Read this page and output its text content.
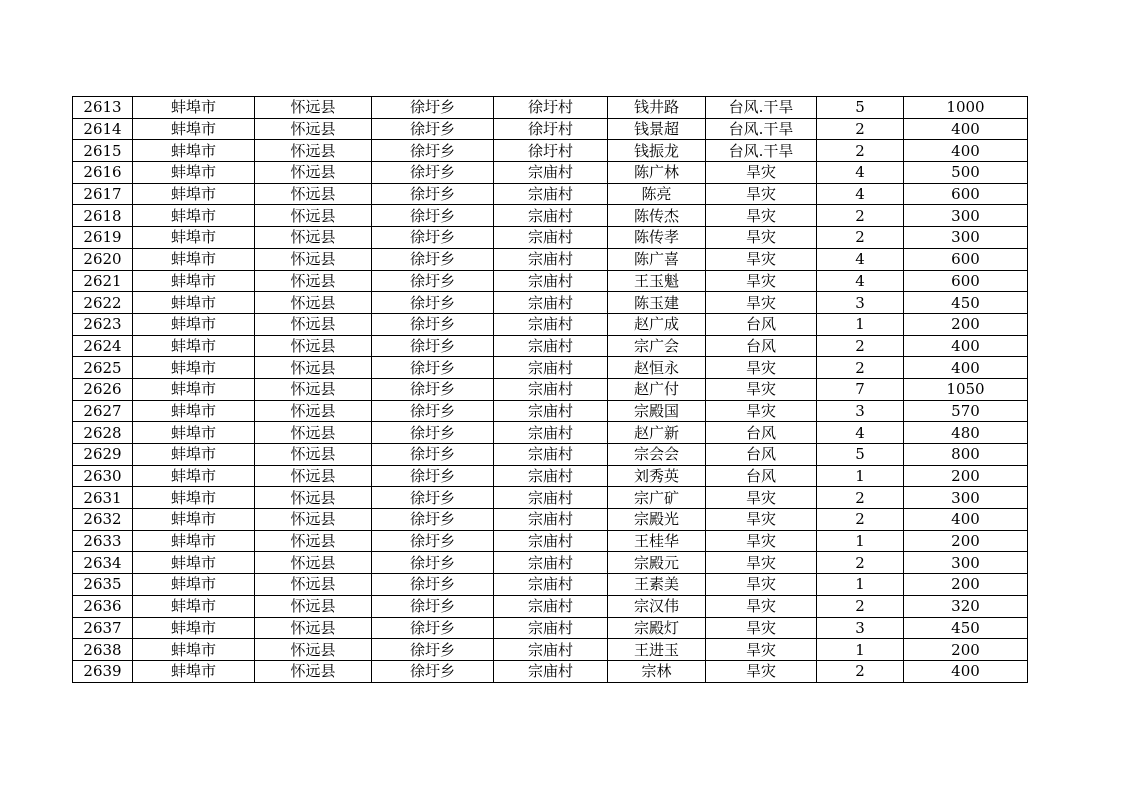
2613	蚌埠市	怀远县	徐圩乡	徐圩村	钱井路	台风.干旱	5	1000
2614	蚌埠市	怀远县	徐圩乡	徐圩村	钱景超	台风.干旱	2	400
2615	蚌埠市	怀远县	徐圩乡	徐圩村	钱振龙	台风.干旱	2	400
2616	蚌埠市	怀远县	徐圩乡	宗庙村	陈广林	旱灾	4	500
2617	蚌埠市	怀远县	徐圩乡	宗庙村	陈亮	旱灾	4	600
2618	蚌埠市	怀远县	徐圩乡	宗庙村	陈传杰	旱灾	2	300
2619	蚌埠市	怀远县	徐圩乡	宗庙村	陈传孝	旱灾	2	300
2620	蚌埠市	怀远县	徐圩乡	宗庙村	陈广喜	旱灾	4	600
2621	蚌埠市	怀远县	徐圩乡	宗庙村	王玉魁	旱灾	4	600
2622	蚌埠市	怀远县	徐圩乡	宗庙村	陈玉建	旱灾	3	450
2623	蚌埠市	怀远县	徐圩乡	宗庙村	赵广成	台风	1	200
2624	蚌埠市	怀远县	徐圩乡	宗庙村	宗广会	台风	2	400
2625	蚌埠市	怀远县	徐圩乡	宗庙村	赵恒永	旱灾	2	400
2626	蚌埠市	怀远县	徐圩乡	宗庙村	赵广付	旱灾	7	1050
2627	蚌埠市	怀远县	徐圩乡	宗庙村	宗殿国	旱灾	3	570
2628	蚌埠市	怀远县	徐圩乡	宗庙村	赵广新	台风	4	480
2629	蚌埠市	怀远县	徐圩乡	宗庙村	宗会会	台风	5	800
2630	蚌埠市	怀远县	徐圩乡	宗庙村	刘秀英	台风	1	200
2631	蚌埠市	怀远县	徐圩乡	宗庙村	宗广矿	旱灾	2	300
2632	蚌埠市	怀远县	徐圩乡	宗庙村	宗殿光	旱灾	2	400
2633	蚌埠市	怀远县	徐圩乡	宗庙村	王桂华	旱灾	1	200
2634	蚌埠市	怀远县	徐圩乡	宗庙村	宗殿元	旱灾	2	300
2635	蚌埠市	怀远县	徐圩乡	宗庙村	王素美	旱灾	1	200
2636	蚌埠市	怀远县	徐圩乡	宗庙村	宗汉伟	旱灾	2	320
2637	蚌埠市	怀远县	徐圩乡	宗庙村	宗殿灯	旱灾	3	450
2638	蚌埠市	怀远县	徐圩乡	宗庙村	王进玉	旱灾	1	200
2639	蚌埠市	怀远县	徐圩乡	宗庙村	宗林	旱灾	2	400
